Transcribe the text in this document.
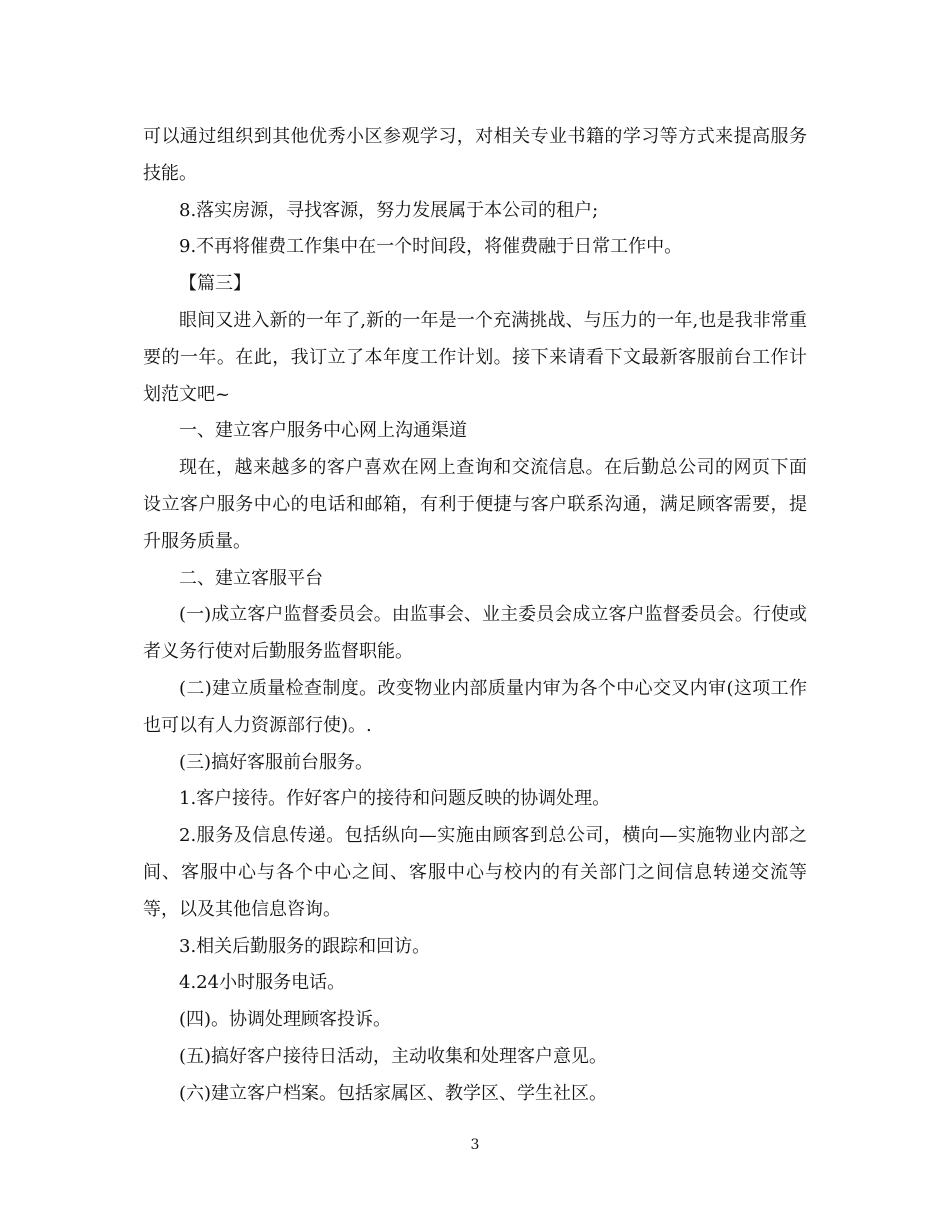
可以通过组织到其他优秀小区参观学习，对相关专业书籍的学习等方式来提高服务技能。

8.落实房源，寻找客源，努力发展属于本公司的租户;

9.不再将催费工作集中在一个时间段，将催费融于日常工作中。

【篇三】

眼间又进入新的一年了,新的一年是一个充满挑战、与压力的一年,也是我非常重要的一年。在此，我订立了本年度工作计划。接下来请看下文最新客服前台工作计划范文吧~

一、建立客户服务中心网上沟通渠道

现在，越来越多的客户喜欢在网上查询和交流信息。在后勤总公司的网页下面设立客户服务中心的电话和邮箱，有利于便捷与客户联系沟通，满足顾客需要，提升服务质量。

二、建立客服平台

(一)成立客户监督委员会。由监事会、业主委员会成立客户监督委员会。行使或者义务行使对后勤服务监督职能。

(二)建立质量检查制度。改变物业内部质量内审为各个中心交叉内审(这项工作也可以有人力资源部行使)。.

(三)搞好客服前台服务。

1.客户接待。作好客户的接待和问题反映的协调处理。

2.服务及信息传递。包括纵向—实施由顾客到总公司，横向—实施物业内部之间、客服中心与各个中心之间、客服中心与校内的有关部门之间信息转递交流等等，以及其他信息咨询。

3.相关后勤服务的跟踪和回访。

4.24小时服务电话。

(四)。协调处理顾客投诉。

(五)搞好客户接待日活动，主动收集和处理客户意见。

(六)建立客户档案。包括家属区、教学区、学生社区。

3
